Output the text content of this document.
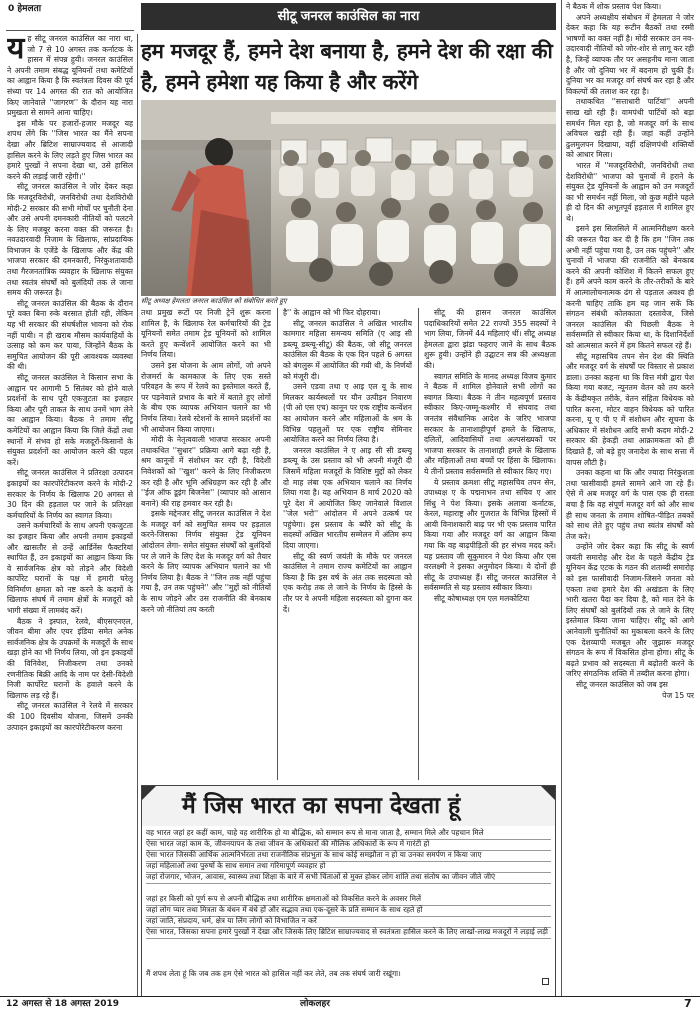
0 हेमलता	सीटू जनरल काउंसिल का नारा
हम मजदूर हैं, हमने देश बनाया है, हमने देश की रक्षा की है, हमने हमेशा यह किया है और करेंगे
सीटू अध्यक्ष हेमलता जनरल काउंसिल को संबोधित करते हुए
य ह सीटू जनरल काउंसिल का नारा था, जो 7 से 10 अगस्त तक कर्नाटक के हासन में संपन्न हुयी। जनरल काउंसिल ने अपनी तमाम संबद्ध यूनियनों तथा कमेटियों का आह्वान किया है कि स्वतंत्रता दिवस की पूर्व संध्या पर 14 अगस्त की रात को आयोजित किए जानेवाले ''जागरण'' के दौरान यह नारा प्रमुखता से सामने आना चाहिए।

इस मौके पर हजारों-हजार मजदूर यह शपथ लेंगे कि ''जिस भारत का मैंने सपना देखा और ब्रिटिश साम्राज्यवाद से आजादी हासिल करने के लिए लड़ते हुए जिस भारत का हमारे पुरखों ने सपना देखा था, उसे हासिल करने की लड़ाई जारी रहेगी।''

सीटू जनरल काउंसिल ने जोर देकर कहा कि मजदूरविरोधी, जनविरोधी तथा देशविरोधी मोदी-2 सरकार की सभी मोर्चों पर चुनौती देना और उसे अपनी दमनकारी नीतियों को पलटने के लिए मजबूर करना वक्त की जरूरत है। नवउदारवादी निजाम के खिलाफ, सांप्रदायिक विभाजन के एजेंडे के खिलाफ और केंद्र की भाजपा सरकार की दमनकारी, निरंकुशतावादी तथा गैरजनतांत्रिक व्यवहार के खिलाफ संयुक्त तथा स्वतंत्र संघर्षों को बुलंदियों तक ले जाना समय की जरूरत है।

सीटू जनरल काउंसिल की बैठक के दौरान पूरे वक्त बिना रुके बरसात होती रही, लेकिन यह भी सरकार की संघर्षशील भावना को रोक नहीं पायी। न ही खराब मौसम कार्यवाहियों के उत्साह को कम कर पाया, जिन्होंने बैठक के समुचित आयोजन की पूरी आवश्यक व्यवस्था की थी।

सीटू जनरल काउंसिल ने किसान सभा के आह्वान पर आगामी 5 सितंबर को होने वाले प्रदर्शनों के साथ पूरी एकजुटता का इजहार किया और पूरी ताकत के साथ उनमें भाग लेने का आह्वान किया। बैठक ने तमाम सीटू कमेटियों का आह्वान किया कि जिले केंद्रों तथा स्थानों में संभव हो सके मजदूरों-किसानों के संयुक्त प्रदर्शनों का आयोजन करने की पहल करें।

सीटू जनरल काउंसिल ने प्रतिरक्षा उत्पादन इकाइयों का कारपोरेटीकरण करने के मोदी-2 सरकार के निर्णय के खिलाफ 20 अगस्त से 30 दिन की हड़ताल पर जाने के प्रतिरक्षा कर्मचारियों के निर्णय का स्वागत किया।

उसने कर्मचारियों के साथ अपनी एकजुटता का इजहार किया और अपनी तमाम इकाइयों और खासतौर से उन्हें आर्डिनेंस फैक्टरियां स्थापित हैं, उन इकाइयों का आह्वान किया कि वे सार्वजनिक क्षेत्र को तोड़ने और विदेशी कार्पोरेट घरानों के पक्ष में हमारी घरेलू विनिर्माण क्षमता को नष्ट करने के कदमों के खिलाफ संघर्ष में तमाम क्षेत्रों के मजदूरों को भागी संख्या में लामबंद करें।

बैठक ने इस्पात, रेलवे, बीएसएनएल, जीवन बीमा और एयर इंडिया समेत अनेक सार्वजनिक क्षेत्र के उपक्रमों के मजदूरों के साथ खड़ा होने का भी निर्णय लिया, जो इन इकाइयों की विनिवेश, निजीकरण तथा उनको रणनीतिक बिक्री आदि के नाम पर देसी-विदेशी निजी कार्पोरेट घरानों के हवाले करने के खिलाफ लड़ रहे हैं।

सीटू जनरल काउंसिल ने रेलवे में सरकार की 100 दिवसीय योजना, जिसमें उनकी उत्पादन इकाइयों का कारपोरेटीकरण करना

तथा प्रमुख रूटों पर निजी ट्रेनें शुरू करना शामिल है, के खिलाफ रेल कर्मचारियों की ट्रेड यूनियनों समेत तमाम ट्रेड यूनियनों को शामिल करते हुए कन्वेंशनें आयोजित करने का भी निर्णय लिया।

उसने इस योजना के आम लोगों, जो अपने रोजमर्रा के कामकाज के लिए एक सस्ते परिवहन के रूप में रेलवे का इस्तेमाल करते हैं, पर पड़नेवाले प्रभाव के बारे में बताते हुए लोगों के बीच एक व्यापक अभियान चलाने का भी निर्णय लिया। रेलवे स्टेशनों के सामने प्रदर्शनों का भी आयोजन किया जाएगा।

मोदी के नेतृत्ववाली भाजपा सरकार अपनी तथाकथित ''सुधार'' प्रक्रिया आगे बढ़ा रही है, श्रम कानूनों में संशोधन कर रही है, विदेशी निवेशकों को ''खुश'' करने के लिए निजीकरण कर रही है और भूमि अधिग्रहण कर रही है और ''ईज ऑफ डूइंग बिजनेस'' (व्यापार को आसान बनाने) की राह हमवार कर रही है।

इसके मद्देनजर सीटू जनरल काउंसिल ने देश के मजदूर वर्ग को समुचित समय पर हड़ताल करने-जिसका निर्णय संयुक्त ट्रेड यूनियन आंदोलन लेगा- समेत संयुक्त संघर्षों को बुलंदियों पर ले जाने के लिए देश के मजदूर वर्ग को तैयार करने के लिए व्यापक अभियान चलाने का भी निर्णय लिया है। बैठक ने ''जिन तक नहीं पहुंचा गया है, उन तक पहुंचने'' और ''मुद्दों को नीतियों के साथ जोड़ने और उस राजनीति की बेनकाब करने जो नीतियां तय करती

है'' के आह्वान को भी फिर दोहराया।

सीटू जनरल काउंसिल ने अखिल भारतीय कामगार महिला समन्वय समिति (ए आइ सी डब्ल्यू डब्ल्यू-सीटू) की बैठक, जो सीटू जनरल काउंसिल की बैठक के एक दिन पहले 6 अगस्त को बंगलुरू में आयोजित की गयी थी, के निर्णयों को मंजूरी दी।

उसने एडवा तथा ए आइ एल यू के साथ मिलकर कार्यस्थलों पर यौन उत्पीड़न निवारण (पी ओ एस एच) कानून पर एक राष्ट्रीय कन्वेंशन का आयोजन करने और महिलाओं के श्रम के विभिन्न पहलुओं पर एक राष्ट्रीय सेमिनार आयोजित करने का निर्णय लिया है।

जनरल काउंसिल ने ए आइ सी सी डब्ल्यू डब्ल्यू के उस प्रस्ताव को भी अपनी मंजूरी दी जिसमें महिला मजदूरों के विशिष्ट मुद्दों को लेकर दो माह लंबा एक अभियान चलाने का निर्णय लिया गया है। यह अभियान 8 मार्च 2020 को पूरे देश में आयोजित किए जानेवाले विशाल ''जेल भरो'' आंदोलन में अपने उत्कर्ष पर पहुंचेगा। इस प्रस्ताव के ब्यौरे को सीटू के सदस्यों अखिल भारतीय सम्मेलन में अंतिम रूप दिया जाएगा।

सीटू की स्वर्ण जयंती के मौके पर जनरल काउंसिल ने तमाम राज्य कमेटियों का आह्वान किया है कि इस वर्ष के अंत तक सदस्यता को एक करोड़ तक ले जाने के निर्णय के हिस्से के तौर पर वे अपनी महिला सदस्यता को दुगना कर दें।

सीटू की हासन जनरल काउंसिल पदाधिकारियों समेत 22 राज्यों 355 सदस्यों ने भाग लिया, जिनमें 44 महिलाएं थीं। सीटू अध्यक्ष हेमलता द्वारा झंडा फहराए जाने के साथ बैठक शुरू हुयी। उन्होंने ही उद्घाटन सत्र की अध्यक्षता की।

स्वागत समिति के मानद अध्यक्ष विजय कुमार ने बैठक में शामिल होनेवाले सभी लोगों का स्वागत किया। बैठक ने तीन महत्वपूर्ण प्रस्ताव स्वीकार किए-जम्मू-कश्मीर में संघवाद तथा जनतंत्र संवैधानिक आदेश के जरिए भाजपा सरकार के तानाशाहीपूर्ण हमले के खिलाफ, दलितों, आदिवासियों तथा अल्पसंख्यकों पर भाजपा सरकार के तानाशाही हमले के खिलाफ और महिलाओं तथा बच्चों पर हिंसा के खिलाफ। ये तीनों प्रस्ताव सर्वसम्मति से स्वीकार किए गए।

ये प्रस्ताव क्रमशः सीटू महासचिव तपन सेन, उपाध्यक्ष ए के पद्मनाभन तथा सचिव ए आर सिंधु ने पेश किया। इसके अलावा कर्नाटक, केरल, महाराष्ट्र और गुजरात के विभिन्न हिस्सों में आयी विनाशकारी बाढ़ पर भी एक प्रस्ताव पारित किया गया और मजदूर वर्ग का आह्वान किया गया कि वह बाढ़पीड़ितों की हर संभव मदद करें। यह प्रस्ताव जी सुकुमारन ने पेश किया और एस वरलक्ष्मी ने इसका अनुमोदन किया। ये दोनों ही सीटू के उपाध्यक्ष हैं। सीटू जनरल काउंसिल ने सर्वसम्मति से यह प्रस्ताव स्वीकार किया।

सीटू कोषाध्यक्ष एम एल मलकोटिया

ने बैठक में शोक प्रस्ताव पेश किया।

अपने अध्यक्षीय संबोधन में हेमलता ने जोर देकर कहा कि यह रूटीन बैठकों तथा रस्मी भाषणों का वक्त नहीं है। मोदी सरकार उन नव-उदारवादी नीतियों को जोर-शोर से लागू कर रही है, जिन्हें व्यापक तौर पर असहनीय माना जाता है और जो दुनिया भर में बदनाम हो चुकी हैं। दुनिया भर का मजदूर वर्ग संघर्ष कर रहा है और विकल्पों की तलाश कर रहा है।

तथाकथित ''सत्ताधारी पार्टियां'' अपनी साख खो रही हैं। वामपंथी पार्टियों को बड़ा समर्थन मिल रहा है, जो मजदूर वर्ग के साथ अविचल खड़ी रही हैं। जहां कहीं उन्होंने ढुलमुलपन दिखाया, वहीं दक्षिणपंथी शक्तियों को आधार मिला।

भारत में ''मजदूरविरोधी, जनविरोधी तथा देशविरोधी'' भाजपा को चुनावों में हराने के संयुक्त ट्रेड यूनियनों के आह्वान को उन मजदूरों का भी समर्थन नहीं मिला, जो कुछ महीने पहले ही दो दिन की अभूतपूर्व हड़ताल में शामिल हुए थे।

इसने इस सिलसिले में आत्मनिरीक्षण करने की जरूरत पैदा कर दी है कि हम ''जिन तक अभी नहीं पहुंचा गया है, उन तक पहुंचने'' और चुनावों में भाजपा की राजनीति को बेनकाब करने की अपनी कोशिश में कितने सफल हुए हैं। हमें अपने काम करने के तौर-तरीकों के बारे में आत्मालोचनात्मक ढंग से पड़ताल अवश्य ही करनी चाहिए ताकि हम यह जान सकें कि संगठन संबंधी कोलकाता दस्तावेज, जिसे जनरल काउंसिल की पिछली बैठक ने सर्वसम्मति से स्वीकार किया था, के दिशानिर्देशों को आत्मसात करने में हम कितने सफल रहे हैं।

सीटू महासचिव तपन सेन देश की स्थिति और मजदूर वर्ग के संघर्षों पर विस्तार से प्रकाश डाला। उनका कहना था कि वित्त मंत्री द्वारा पेश किया गया बजट, न्यूनतम वेतन को तय करने के केंद्रीयकृत तरीके, वेतन संहिता विधेयक को पारित करना, मोटर वाहन विधेयक को पारित करना, यू ए पी ए में संशोधन और सूचना के अधिकार में संशोधन आदि सभी कदम मोदी-2 सरकार की हेकड़ी तथा आक्रामकता को ही दिखाते हैं, जो बड़े हुए जनादेश के साथ सत्ता में वापस लौटी है।

उनका कहना था कि और ज्यादा निरंकुशता तथा फासीवादी हमले सामने आने जा रहे हैं। ऐसे में अब मजदूर वर्ग के पास एक ही रास्ता बचा है कि वह संपूर्ण मजदूर वर्ग को और साथ ही साथ जनता के तमाम शोषित-पीड़ित तबकों को साथ लेते हुए पहुंच तथा स्वतंत्र संघर्षों को तेज करे।

उन्होंने जोर देकर कहा कि सीटू के स्वर्ण जयंती समारोह और देश के पहले केंद्रीय ट्रेड यूनियन केंद्र एटक के गठन की शताब्दी समारोह को इस फासीवादी निजाम-जिसने जनता को एकता तथा हमारे देश की अखंडता के लिए भारी खतरा पैदा कर दिया है, को मात देने के लिए संघर्षों को बुलंदियों तक ले जाने के लिए इस्तेमाल किया जाना चाहिए। सीटू को आगे आनेवाली चुनौतियों का मुकाबला करने के लिए एक देशव्यापी मजबूत और जुझारू मजदूर संगठन के रूप में विकसित होना होगा। सीटू के बढ़ते प्रभाव को सदस्यता में बढ़ोतरी करने के जरिए संगठनिक शक्ति में तब्दील करना होगा।

सीटू जनरल काउंसिल को जब इस

पेज 15 पर

मैं जिस भारत का सपना देखता हूं
वह भारत जहां हर कहीं काम, चाहे वह शारीरिक हो या बौद्धिक, को सम्मान रूप से माना जाता है, सम्मान मिले और पहचान मिले
ऐसा भारत जहां काम के, जीवनयापन के तथा जीवन के अधिकारों की मौलिक अधिकारों के रूप में गारंटी हो
ऐसा भारत जिसकी आर्थिक आत्मनिर्भरता तथा राजनीतिक संप्रभुता के साथ कोई समझौता न हो या उनका समर्पण न किया जाए
जहां महिलाओं तथा पुरुषों के साथ समान तथा गरिमापूर्ण व्यवहार हो
जहां रोजगार, भोजन, आवास, स्वास्थ्य तथा शिक्षा के बारे में सभी चिंताओं से मुक्त होकर लोग शांति तथा संतोष का जीवन जीते जीएं
जहां हर किसी को पूर्ण रूप से अपनी बौद्धिक तथा शारीरिक क्षमताओं को विकसित करने के अवसर मिलें
जहां लोग प्यार तथा मित्रता के बंधन में बंधे हों और सद्भाव तथा एक-दूसरे के प्रति सम्मान के साथ रहते हों
जहां जाति, संप्रदाय, धर्म, क्षेत्र या लिंग लोगों को विभाजित न करें
ऐसा भारत, जिसका सपना हमारे पुरखों ने देखा और जिसके लिए ब्रिटिश साम्राज्यवाद से स्वतंत्रता हासिल करने के लिए लाखों-लाख मजदूरों ने लड़ाई लड़ी
मैं शपथ लेता हूं कि जब तक हम ऐसे भारत को हासिल नहीं कर लेते, तब तक संघर्ष जारी रखूंगा।
12 अगस्त से 18 अगस्त 2019	लोकलहर	7
